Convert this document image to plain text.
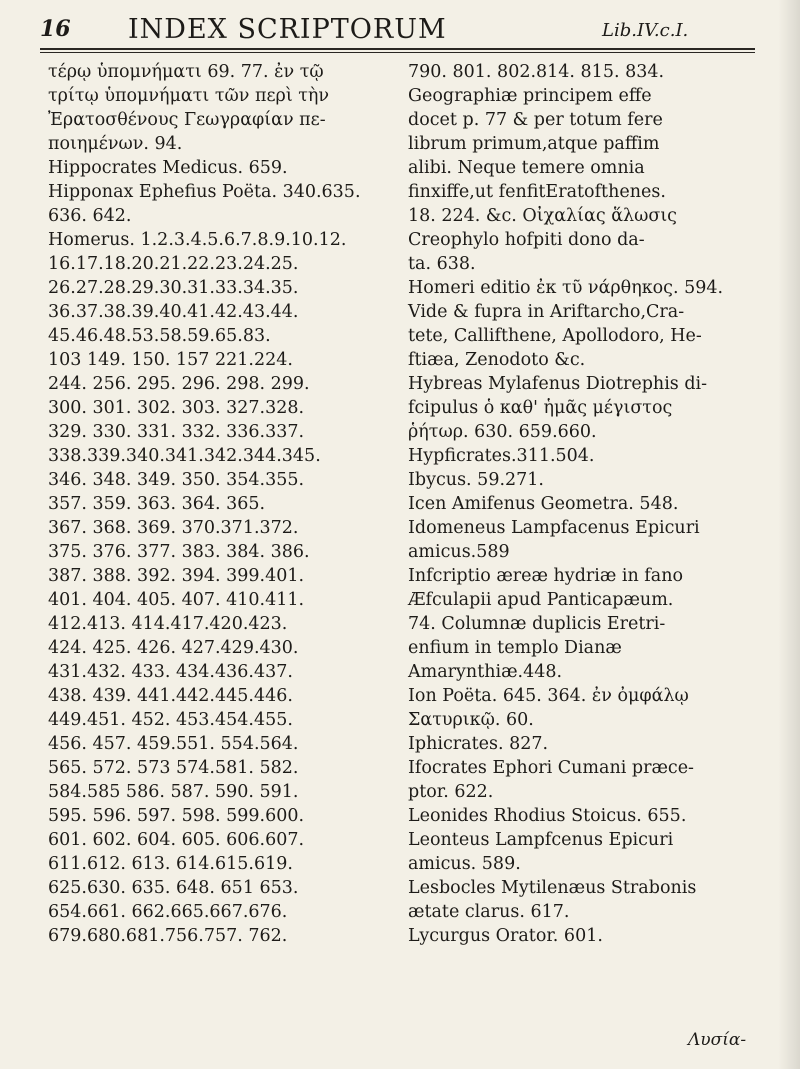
16 INDEX SCRIPTORUM	Lib.IV.c.I.
τέρῳ ὑπομνήματι 69. 77. ἐν τῷ
τρίτῳ ὑπομνήματι τῶν περὶ τὴν
Ἐρατοσθένους Γεωγραφίαν πε-
ποιημένων. 94.
Hippocrates Medicus. 659.
Hipponax Ephefius Poëta. 340.635.
636. 642.
Homerus. 1.2.3.4.5.6.7.8.9.10.12.
16.17.18.20.21.22.23.24.25.
26.27.28.29.30.31.33.34.35.
36.37.38.39.40.41.42.43.44.
45.46.48.53.58.59.65.83.
103 149. 150. 157 221.224.
244. 256. 295. 296. 298. 299.
300. 301. 302. 303. 327.328.
329. 330. 331. 332. 336.337.
338.339.340.341.342.344.345.
346. 348. 349. 350. 354.355.
357. 359. 363. 364. 365.
367. 368. 369. 370.371.372.
375. 376. 377. 383. 384. 386.
387. 388. 392. 394. 399.401.
401. 404. 405. 407. 410.411.
412.413. 414.417.420.423.
424. 425. 426. 427.429.430.
431.432. 433. 434.436.437.
438. 439. 441.442.445.446.
449.451. 452. 453.454.455.
456. 457. 459.551. 554.564.
565. 572. 573 574.581. 582.
584.585 586. 587. 590. 591.
595. 596. 597. 598. 599.600.
601. 602. 604. 605. 606.607.
611.612. 613. 614.615.619.
625.630. 635. 648. 651 653.
654.661. 662.665.667.676.
679.680.681.756.757. 762.
790. 801. 802.814. 815. 834.
Geographiæ principem effe
docet p. 77 & per totum fere
librum primum,atque paffim
alibi. Neque temere omnia
finxiffe,ut fenfitEratofthenes.
18. 224. &c. Οἰχαλίας ἅλωσις
Creophylo hofpiti dono da-
ta. 638.
Homeri editio ἐκ τῦ νάρθηκος. 594.
Vide & fupra in Ariftarcho,Cra-
tete, Callifthene, Apollodoro, He-
ftiæa, Zenodoto &c.
Hybreas Mylafenus Diotrephis di-
fcipulus ὁ καθ' ἡμᾶς μέγιστος
ῥήτωρ. 630. 659.660.
Hypficrates.311.504.
Ibycus. 59.271.
Icen Amifenus Geometra. 548.
Idomeneus Lampfacenus Epicuri
amicus.589
Infcriptio æreæ hydriæ in fano
Æfculapii apud Panticapæum.
74. Columnæ duplicis Eretri-
enfium in templo Dianæ
Amarynthiæ.448.
Ion Poëta. 645. 364. ἐν ὀμφάλῳ
Σατυρικῷ. 60.
Iphicrates. 827.
Ifocrates Ephori Cumani præce-
ptor. 622.
Leonides Rhodius Stoicus. 655.
Leonteus Lampfcenus Epicuri
amicus. 589.
Lesbocles Mytilenæus Strabonis
ætate clarus. 617.
Lycurgus Orator. 601.
Λυσία-
